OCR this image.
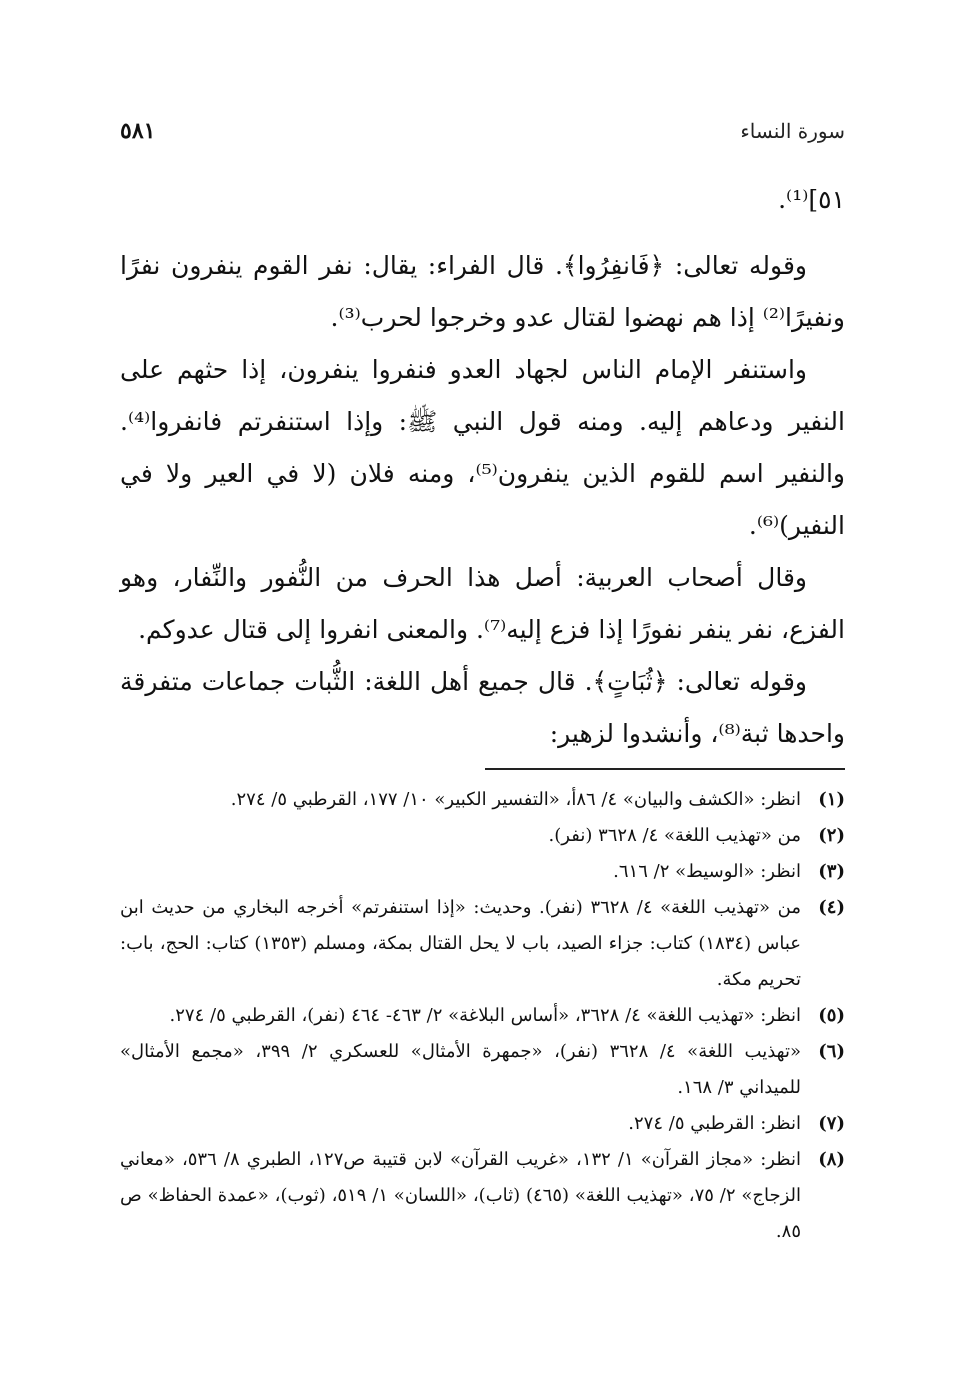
سورة النساء
٥٨١
٥١]⁽¹⁾.

وقوله تعالى: ﴿فَانفِرُوا﴾. قال الفراء: يقال: نفر القوم ينفرون نفرًا ونفيرًا⁽²⁾ إذا هم نهضوا لقتال عدو وخرجوا لحرب⁽³⁾.

واستنفر الإمام الناس لجهاد العدو فنفروا ينفرون، إذا حثهم على النفير ودعاهم إليه. ومنه قول النبي ﷺ: وإذا استنفرتم فانفروا⁽⁴⁾. والنفير اسم للقوم الذين ينفرون⁽⁵⁾، ومنه فلان (لا في العير ولا في النفير)⁽⁶⁾.

وقال أصحاب العربية: أصل هذا الحرف من النُّفور والنِّفار، وهو الفزع، نفر ينفر نفورًا إذا فزع إليه⁽⁷⁾. والمعنى انفروا إلى قتال عدوكم.

وقوله تعالى: ﴿ثُبَاتٍ﴾. قال جميع أهل اللغة: الثُّبات جماعات متفرقة واحدها ثبة⁽⁸⁾، وأنشدوا لزهير:

(١)
انظر: «الكشف والبيان» ٤/ ٨٦أ، «التفسير الكبير» ١٠/ ١٧٧، القرطبي ٥/ ٢٧٤.
(٢)
من «تهذيب اللغة» ٤/ ٣٦٢٨ (نفر).
(٣)
انظر: «الوسيط» ٢/ ٦١٦.
(٤)
من «تهذيب اللغة» ٤/ ٣٦٢٨ (نفر). وحديث: «إذا استنفرتم» أخرجه البخاري من حديث ابن عباس (١٨٣٤) كتاب: جزاء الصيد، باب لا يحل القتال بمكة، ومسلم (١٣٥٣) كتاب: الحج، باب: تحريم مكة.
(٥)
انظر: «تهذيب اللغة» ٤/ ٣٦٢٨، «أساس البلاغة» ٢/ ٤٦٣- ٤٦٤ (نفر)، القرطبي ٥/ ٢٧٤.
(٦)
«تهذيب اللغة» ٤/ ٣٦٢٨ (نفر)، «جمهرة الأمثال» للعسكري ٢/ ٣٩٩، «مجمع الأمثال» للميداني ٣/ ١٦٨.
(٧)
انظر: القرطبي ٥/ ٢٧٤.
(٨)
انظر: «مجاز القرآن» ١/ ١٣٢، «غريب القرآن» لابن قتيبة ص١٢٧، الطبري ٨/ ٥٣٦، «معاني الزجاج» ٢/ ٧٥، «تهذيب اللغة» (٤٦٥) (ثاب)، «اللسان» ١/ ٥١٩، (ثوب)، «عمدة الحفاظ» ص ٨٥.
